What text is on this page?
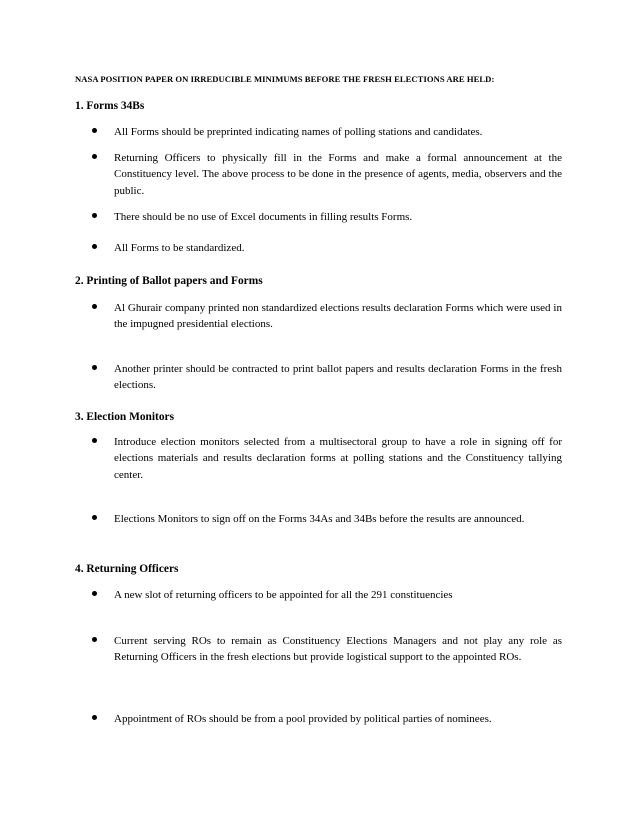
NASA POSITION PAPER ON IRREDUCIBLE MINIMUMS BEFORE THE FRESH ELECTIONS ARE HELD:
1. Forms 34Bs
All Forms should be preprinted indicating names of polling stations and candidates.
Returning Officers to physically fill in the Forms and make a formal announcement at the Constituency level. The above process to be done in the presence of agents, media, observers and the public.
There should be no use of Excel documents in filling results Forms.
All Forms to be standardized.
2. Printing of Ballot papers and Forms
Al Ghurair company printed non standardized elections results declaration Forms which were used in the impugned presidential elections.
Another printer should be contracted to print ballot papers and results declaration Forms in the fresh elections.
3. Election Monitors
Introduce election monitors selected from a multisectoral group to have a role in signing off for elections materials and results declaration forms at polling stations and the Constituency tallying center.
Elections Monitors to sign off on the Forms 34As and 34Bs before the results are announced.
4. Returning Officers
A new slot of returning officers to be appointed for all the 291 constituencies
Current serving ROs to remain as Constituency Elections Managers and not play any role as Returning Officers in the fresh elections but provide logistical support to the appointed ROs.
Appointment of ROs should be from a pool provided by political parties of nominees.
